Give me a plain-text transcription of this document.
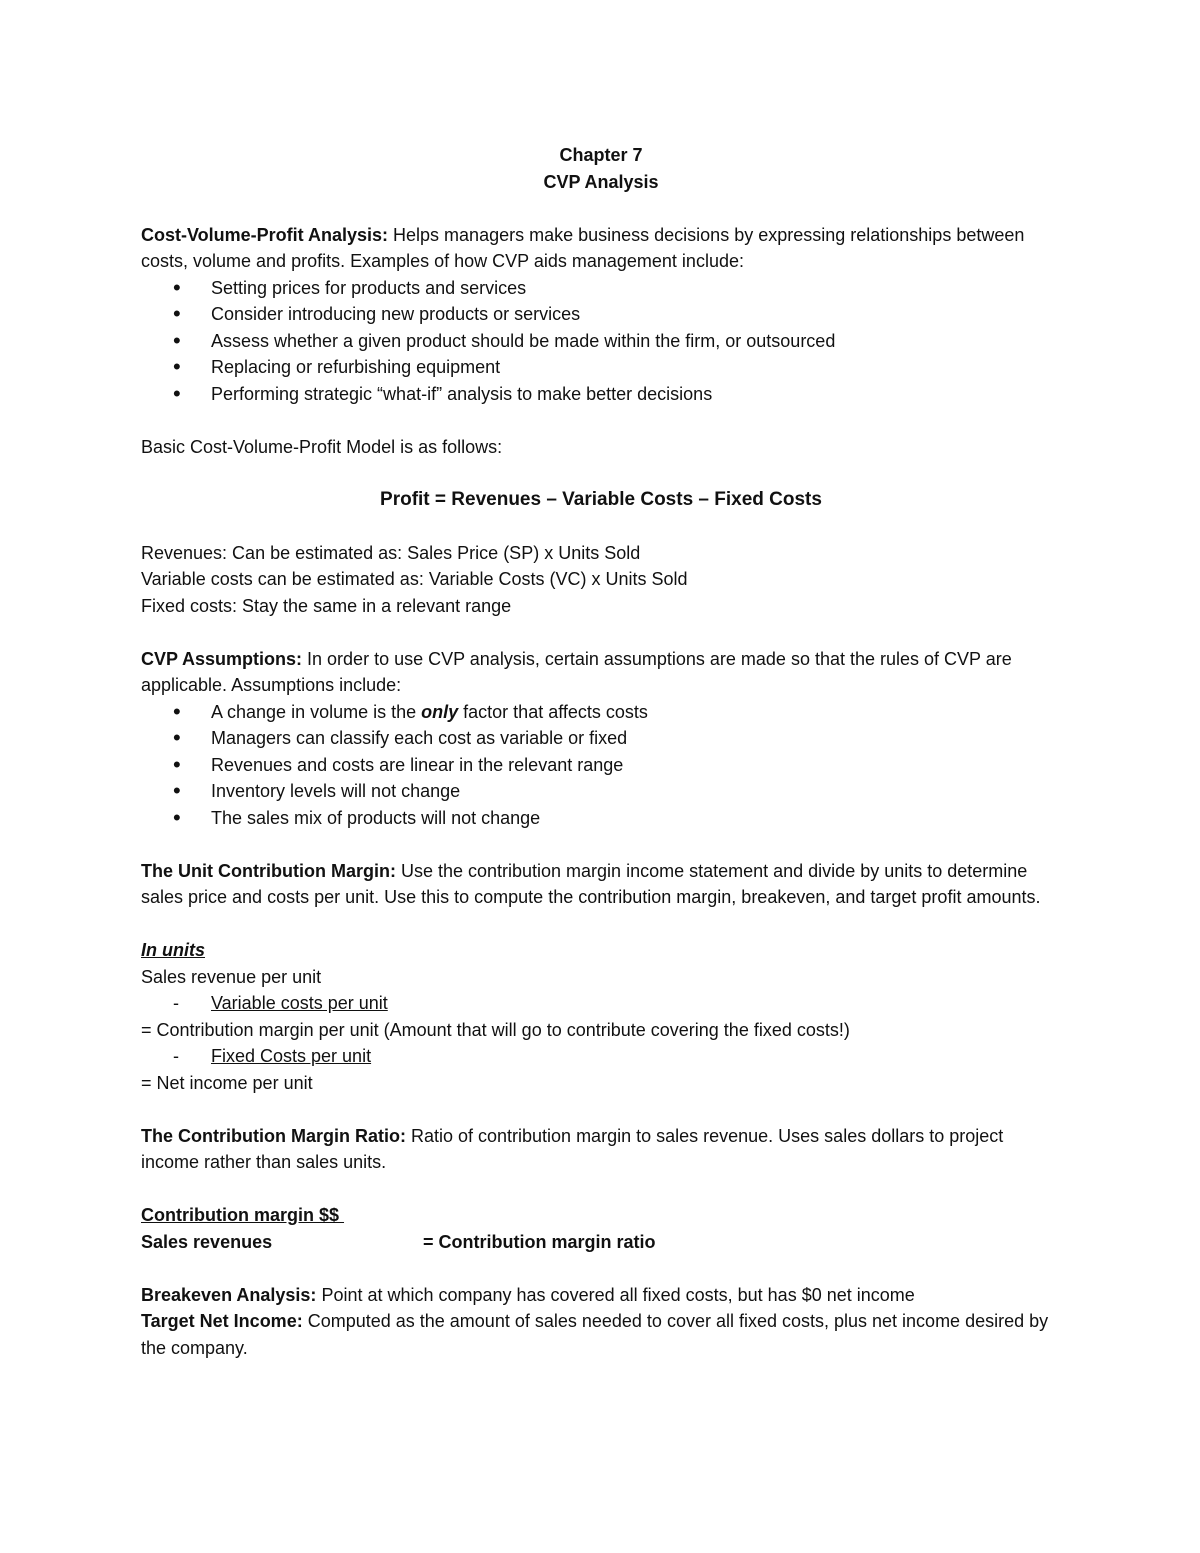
Chapter 7

CVP Analysis

Cost-Volume-Profit Analysis: Helps managers make business decisions by expressing relationships between costs, volume and profits. Examples of how CVP aids management include:

• Setting prices for products and services
• Consider introducing new products or services
• Assess whether a given product should be made within the firm, or outsourced
• Replacing or refurbishing equipment
• Performing strategic “what-if” analysis to make better decisions

Basic Cost-Volume-Profit Model is as follows:

Profit = Revenues – Variable Costs – Fixed Costs

Revenues: Can be estimated as: Sales Price (SP) x Units Sold

Variable costs can be estimated as: Variable Costs (VC) x Units Sold

Fixed costs: Stay the same in a relevant range

CVP Assumptions: In order to use CVP analysis, certain assumptions are made so that the rules of CVP are applicable. Assumptions include:

• A change in volume is the only factor that affects costs
• Managers can classify each cost as variable or fixed
• Revenues and costs are linear in the relevant range
• Inventory levels will not change
• The sales mix of products will not change

The Unit Contribution Margin: Use the contribution margin income statement and divide by units to determine sales price and costs per unit. Use this to compute the contribution margin, breakeven, and target profit amounts.

In units

Sales revenue per unit

- Variable costs per unit

= Contribution margin per unit (Amount that will go to contribute covering the fixed costs!)

- Fixed Costs per unit

= Net income per unit

The Contribution Margin Ratio: Ratio of contribution margin to sales revenue. Uses sales dollars to project income rather than sales units.

Contribution margin $$

Sales revenues	= Contribution margin ratio

Breakeven Analysis: Point at which company has covered all fixed costs, but has $0 net income

Target Net Income: Computed as the amount of sales needed to cover all fixed costs, plus net income desired by the company.
